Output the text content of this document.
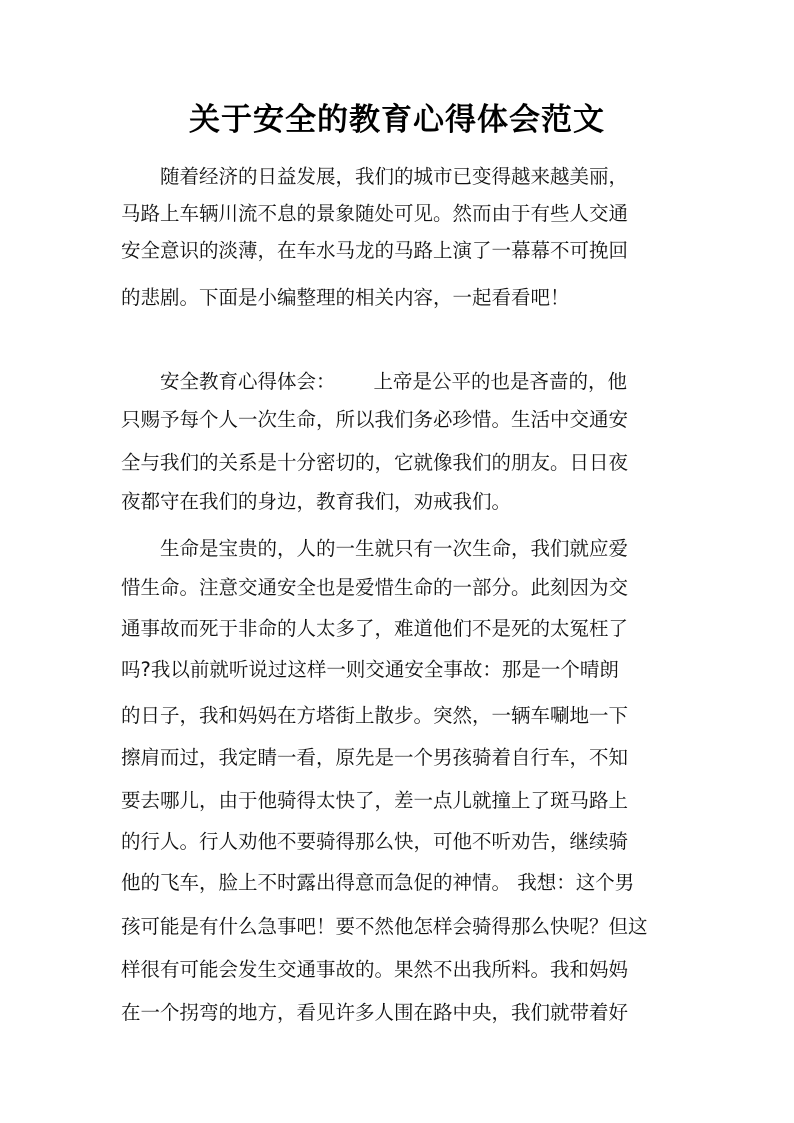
关于安全的教育心得体会范文
随着经济的日益发展，我们的城市已变得越来越美丽，
马路上车辆川流不息的景象随处可见。然而由于有些人交通
安全意识的淡薄，在车水马龙的马路上演了一幕幕不可挽回
的悲剧。下面是小编整理的相关内容，一起看看吧！
安全教育心得体会： 上帝是公平的也是吝啬的，他
只赐予每个人一次生命，所以我们务必珍惜。生活中交通安
全与我们的关系是十分密切的，它就像我们的朋友。日日夜
夜都守在我们的身边，教育我们，劝戒我们。
生命是宝贵的，人的一生就只有一次生命，我们就应爱
惜生命。注意交通安全也是爱惜生命的一部分。此刻因为交
通事故而死于非命的人太多了，难道他们不是死的太冤枉了
吗?我以前就听说过这样一则交通安全事故：那是一个晴朗
的日子，我和妈妈在方塔街上散步。突然，一辆车唰地一下
擦肩而过，我定睛一看，原先是一个男孩骑着自行车，不知
要去哪儿，由于他骑得太快了，差一点儿就撞上了斑马路上
的行人。行人劝他不要骑得那么快，可他不听劝告，继续骑
他的飞车，脸上不时露出得意而急促的神情。 我想：这个男
孩可能是有什么急事吧！要不然他怎样会骑得那么快呢？但这
样很有可能会发生交通事故的。果然不出我所料。我和妈妈
在一个拐弯的地方，看见许多人围在路中央，我们就带着好
